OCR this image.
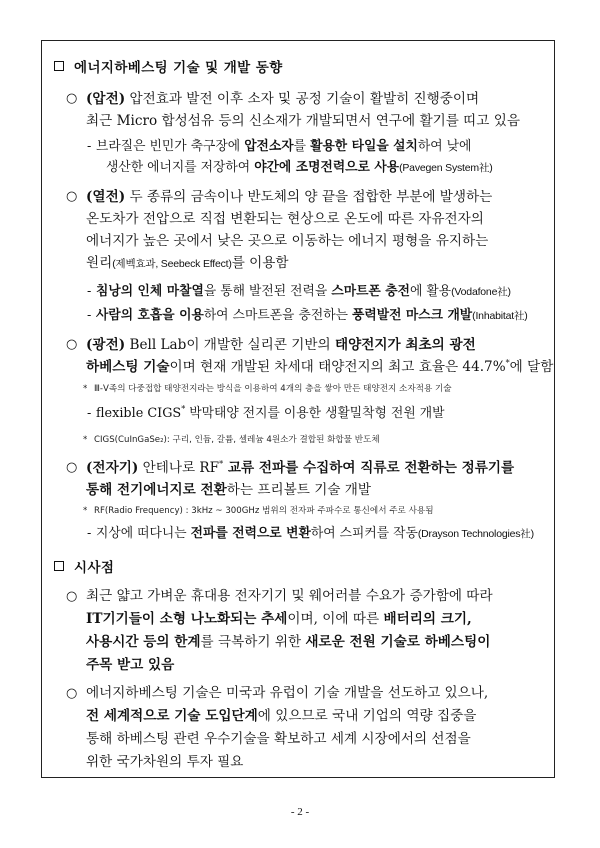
에너지하베스팅 기술 및 개발 동향
○ (압전) 압전효과 발전 이후 소자 및 공정 기술이 활발히 진행중이며
최근 Micro 합성섬유 등의 신소재가 개발되면서 연구에 활기를 띠고 있음
- 브라질은 빈민가 축구장에 압전소자를 활용한 타일을 설치하여 낮에
생산한 에너지를 저장하여 야간에 조명전력으로 사용(Pavegen System社)
○ (열전) 두 종류의 금속이나 반도체의 양 끝을 접합한 부분에 발생하는
온도차가 전압으로 직접 변환되는 현상으로 온도에 따른 자유전자의
에너지가 높은 곳에서 낮은 곳으로 이동하는 에너지 평형을 유지하는
원리(제벡효과, Seebeck Effect)를 이용함
- 침낭의 인체 마찰열을 통해 발전된 전력을 스마트폰 충전에 활용(Vodafone社)
- 사람의 호흡을 이용하여 스마트폰을 충전하는 풍력발전 마스크 개발(Inhabitat社)
○ (광전) Bell Lab이 개발한 실리콘 기반의 태양전지가 최초의 광전
하베스팅 기술이며 현재 개발된 차세대 태양전지의 최고 효율은 44.7%*에 달함
* Ⅲ-Ⅴ족의 다중접합 태양전지라는 방식을 이용하여 4개의 층을 쌓아 만든 태양전지 소자적용 기술
- flexible CIGS* 박막태양 전지를 이용한 생활밀착형 전원 개발
* CIGS(CuInGaSe₂): 구리, 인듐, 갈륨, 셀레늄 4원소가 결합된 화합물 반도체
○ (전자기) 안테나로 RF* 교류 전파를 수집하여 직류로 전환하는 정류기를
통해 전기에너지로 전환하는 프리볼트 기술 개발
* RF(Radio Frequency) : 3kHz ~ 300GHz 범위의 전자파 주파수로 통신에서 주로 사용됨
- 지상에 떠다니는 전파를 전력으로 변환하여 스피커를 작동(Drayson Technologies社)
시사점
○ 최근 얇고 가벼운 휴대용 전자기기 및 웨어러블 수요가 증가함에 따라
IT기기들이 소형 나노화되는 추세이며, 이에 따른 배터리의 크기,
사용시간 등의 한계를 극복하기 위한 새로운 전원 기술로 하베스팅이
주목 받고 있음
○ 에너지하베스팅 기술은 미국과 유럽이 기술 개발을 선도하고 있으나,
전 세계적으로 기술 도입단계에 있으므로 국내 기업의 역량 집중을
통해 하베스팅 관련 우수기술을 확보하고 세계 시장에서의 선점을
위한 국가차원의 투자 필요
- 2 -
